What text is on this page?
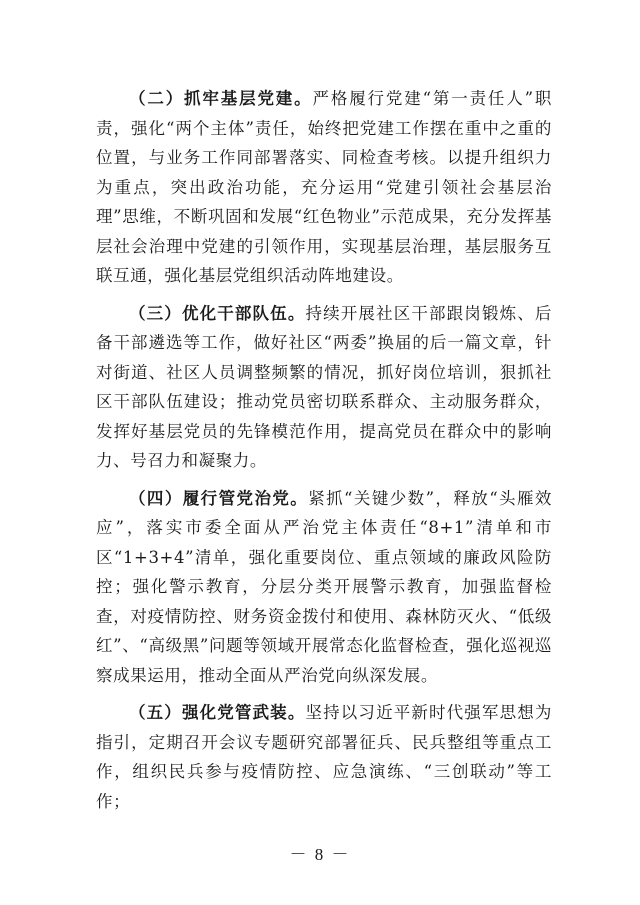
（二）抓牢基层党建。严格履行党建“第一责任人”职责，强化“两个主体”责任，始终把党建工作摆在重中之重的位置，与业务工作同部署落实、同检查考核。以提升组织力为重点，突出政治功能，充分运用“党建引领社会基层治理”思维，不断巩固和发展“红色物业”示范成果，充分发挥基层社会治理中党建的引领作用，实现基层治理，基层服务互联互通，强化基层党组织活动阵地建设。

（三）优化干部队伍。持续开展社区干部跟岗锻炼、后备干部遴选等工作，做好社区“两委”换届的后一篇文章，针对街道、社区人员调整频繁的情况，抓好岗位培训，狠抓社区干部队伍建设；推动党员密切联系群众、主动服务群众，发挥好基层党员的先锋模范作用，提高党员在群众中的影响力、号召力和凝聚力。

（四）履行管党治党。紧抓“关键少数”，释放“头雁效应”，落实市委全面从严治党主体责任“8+1”清单和市区“1+3+4”清单，强化重要岗位、重点领域的廉政风险防控；强化警示教育，分层分类开展警示教育，加强监督检查，对疫情防控、财务资金拨付和使用、森林防灭火、“低级红”、“高级黑”问题等领域开展常态化监督检查，强化巡视巡察成果运用，推动全面从严治党向纵深发展。

（五）强化党管武装。坚持以习近平新时代强军思想为指引，定期召开会议专题研究部署征兵、民兵整组等重点工作，组织民兵参与疫情防控、应急演练、“三创联动”等工作；

－ 8 －
